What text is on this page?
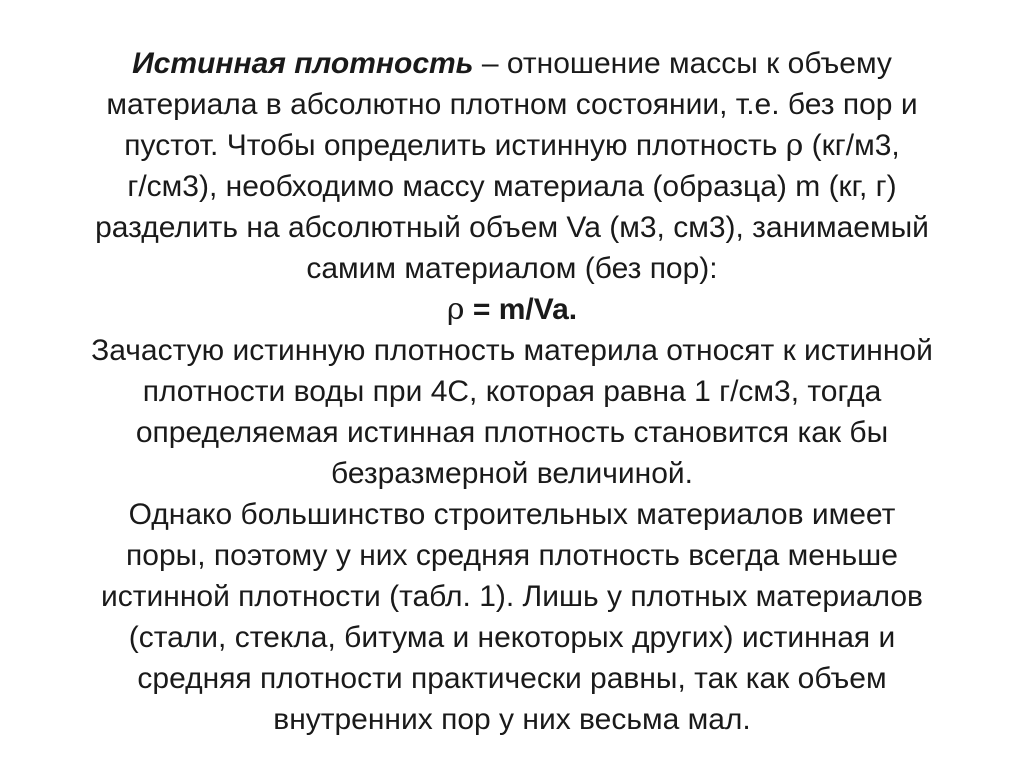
Истинная плотность – отношение массы к объему
материала в абсолютно плотном состоянии, т.е. без пор и
пустот. Чтобы определить истинную плотность ρ (кг/м3,
г/см3), необходимо массу материала (образца) m (кг, г)
разделить на абсолютный объем Va (м3, см3), занимаемый
самим материалом (без пор):
ρ = m/Va.
Зачастую истинную плотность материла относят к истинной
плотности воды при 4С, которая равна 1 г/см3, тогда
определяемая истинная плотность становится как бы
безразмерной величиной.
Однако большинство строительных материалов имеет
поры, поэтому у них средняя плотность всегда меньше
истинной плотности (табл. 1). Лишь у плотных материалов
(стали, стекла, битума и некоторых других) истинная и
средняя плотности практически равны, так как объем
внутренних пор у них весьма мал.
